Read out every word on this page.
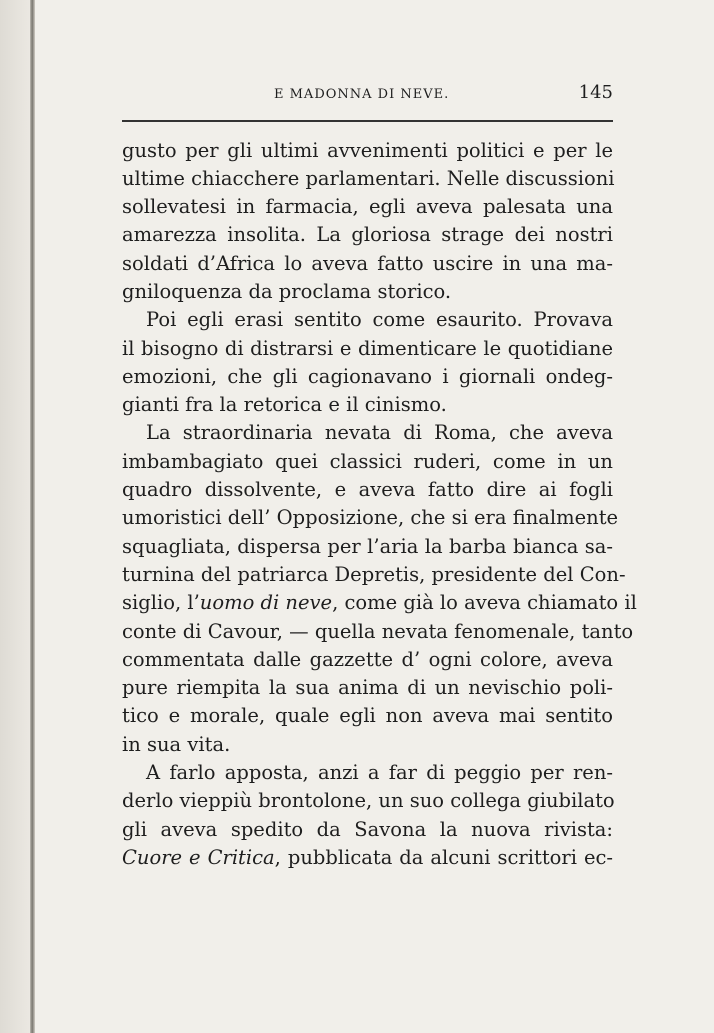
E MADONNA DI NEVE.	145
gusto per gli ultimi avvenimenti politici e per le
ultime chiacchere parlamentari. Nelle discussioni
sollevatesi in farmacia, egli aveva palesata una
amarezza insolita. La gloriosa strage dei nostri
soldati d’Africa lo aveva fatto uscire in una ma-
gniloquenza da proclama storico.
Poi egli erasi sentito come esaurito. Provava
il bisogno di distrarsi e dimenticare le quotidiane
emozioni, che gli cagionavano i giornali ondeg-
gianti fra la retorica e il cinismo.
La straordinaria nevata di Roma, che aveva
imbambagiato quei classici ruderi, come in un
quadro dissolvente, e aveva fatto dire ai fogli
umoristici dell’ Opposizione, che si era finalmente
squagliata, dispersa per l’aria la barba bianca sa-
turnina del patriarca Depretis, presidente del Con-
siglio, l’uomo di neve, come già lo aveva chiamato il
conte di Cavour, — quella nevata fenomenale, tanto
commentata dalle gazzette d’ ogni colore, aveva
pure riempita la sua anima di un nevischio poli-
tico e morale, quale egli non aveva mai sentito
in sua vita.
A farlo apposta, anzi a far di peggio per ren-
derlo vieppiù brontolone, un suo collega giubilato
gli aveva spedito da Savona la nuova rivista:
Cuore e Critica, pubblicata da alcuni scrittori ec-
